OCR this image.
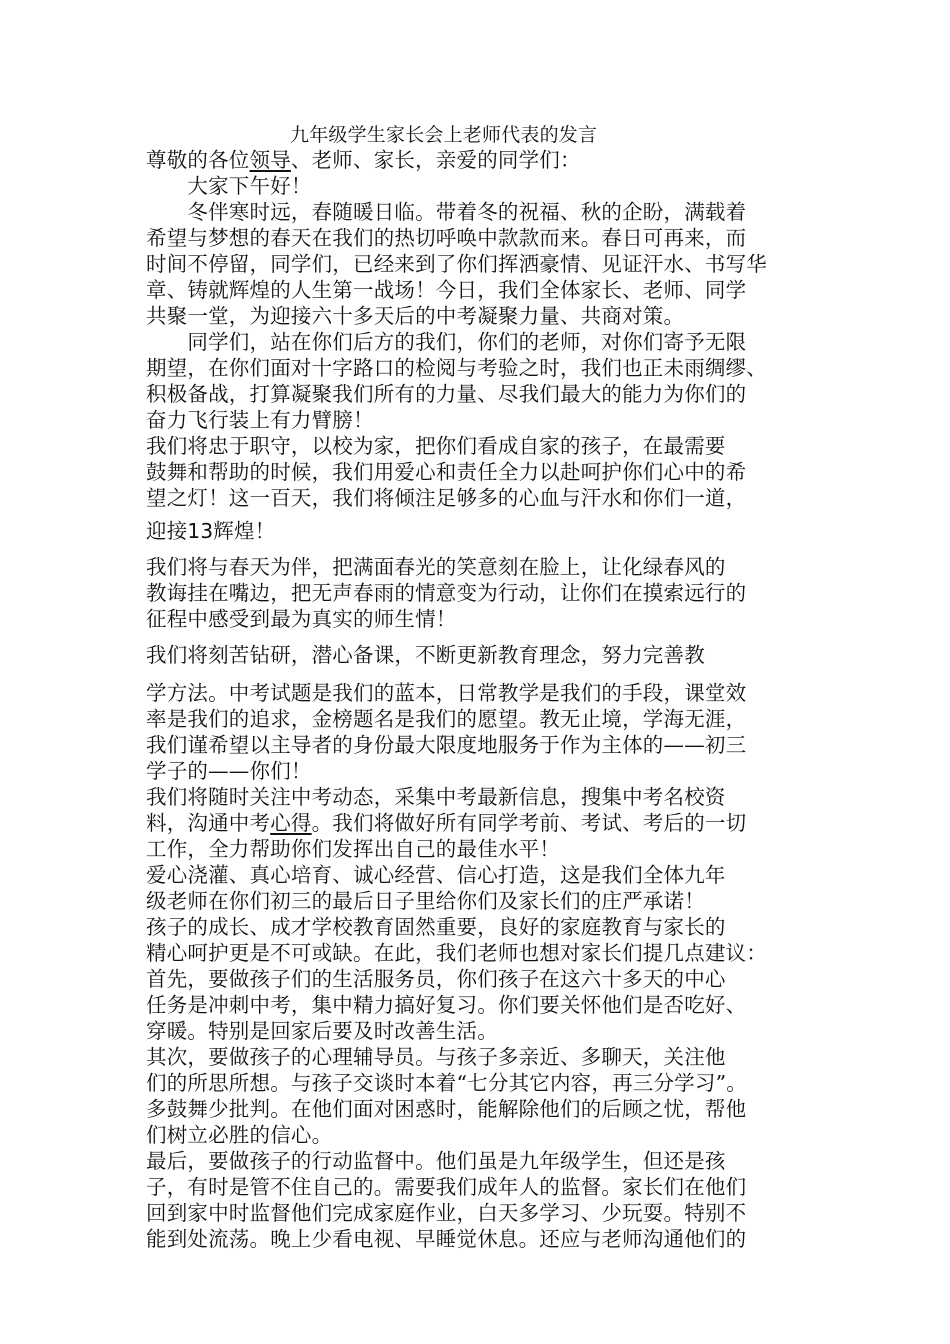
九年级学生家长会上老师代表的发言

尊敬的各位领导、老师、家长，亲爱的同学们：

　　大家下午好！

　　冬伴寒时远，春随暖日临。带着冬的祝福、秋的企盼，满载着

希望与梦想的春天在我们的热切呼唤中款款而来。春日可再来，而

时间不停留，同学们，已经来到了你们挥洒豪情、见证汗水、书写华

章、铸就辉煌的人生第一战场！今日，我们全体家长、老师、同学

共聚一堂，为迎接六十多天后的中考凝聚力量、共商对策。

　　同学们，站在你们后方的我们，你们的老师，对你们寄予无限

期望，在你们面对十字路口的检阅与考验之时，我们也正未雨绸缪、

积极备战，打算凝聚我们所有的力量、尽我们最大的能力为你们的

奋力飞行装上有力臂膀！

我们将忠于职守，以校为家，把你们看成自家的孩子，在最需要

鼓舞和帮助的时候，我们用爱心和责任全力以赴呵护你们心中的希

望之灯！这一百天，我们将倾注足够多的心血与汗水和你们一道，

迎接13辉煌！

我们将与春天为伴，把满面春光的笑意刻在脸上，让化绿春风的

教诲挂在嘴边，把无声春雨的情意变为行动，让你们在摸索远行的

征程中感受到最为真实的师生情！

我们将刻苦钻研，潜心备课，不断更新教育理念，努力完善教

学方法。中考试题是我们的蓝本，日常教学是我们的手段，课堂效

率是我们的追求，金榜题名是我们的愿望。教无止境，学海无涯，

我们谨希望以主导者的身份最大限度地服务于作为主体的——初三

学子的——你们！

我们将随时关注中考动态，采集中考最新信息，搜集中考名校资

料，沟通中考心得。我们将做好所有同学考前、考试、考后的一切

工作，全力帮助你们发挥出自己的最佳水平！

爱心浇灌、真心培育、诚心经营、信心打造，这是我们全体九年

级老师在你们初三的最后日子里给你们及家长们的庄严承诺！

孩子的成长、成才学校教育固然重要，良好的家庭教育与家长的

精心呵护更是不可或缺。在此，我们老师也想对家长们提几点建议：

首先，要做孩子们的生活服务员，你们孩子在这六十多天的中心

任务是冲刺中考，集中精力搞好复习。你们要关怀他们是否吃好、

穿暖。特别是回家后要及时改善生活。

其次，要做孩子的心理辅导员。与孩子多亲近、多聊天，关注他

们的所思所想。与孩子交谈时本着“七分其它内容，再三分学习”。

多鼓舞少批判。在他们面对困惑时，能解除他们的后顾之忧，帮他

们树立必胜的信心。

最后，要做孩子的行动监督中。他们虽是九年级学生，但还是孩

子，有时是管不住自己的。需要我们成年人的监督。家长们在他们

回到家中时监督他们完成家庭作业，白天多学习、少玩耍。特别不

能到处流荡。晚上少看电视、早睡觉休息。还应与老师沟通他们的
